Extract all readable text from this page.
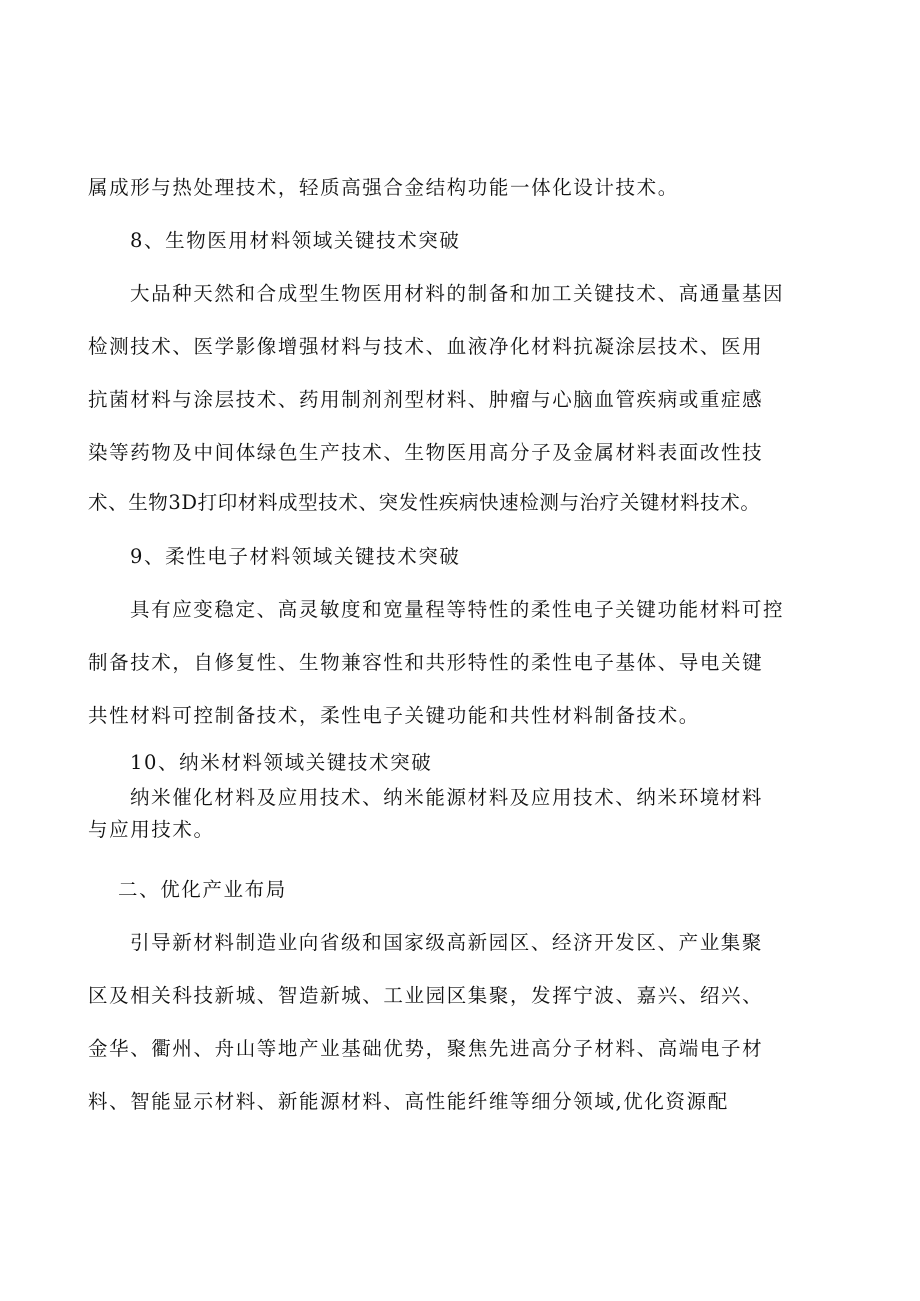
属成形与热处理技术，轻质高强合金结构功能一体化设计技术。
8、生物医用材料领域关键技术突破
大品种天然和合成型生物医用材料的制备和加工关键技术、高通量基因
检测技术、医学影像增强材料与技术、血液净化材料抗凝涂层技术、医用
抗菌材料与涂层技术、药用制剂剂型材料、肿瘤与心脑血管疾病或重症感
染等药物及中间体绿色生产技术、生物医用高分子及金属材料表面改性技
术、生物3D打印材料成型技术、突发性疾病快速检测与治疗关键材料技术。
9、柔性电子材料领域关键技术突破
具有应变稳定、高灵敏度和宽量程等特性的柔性电子关键功能材料可控
制备技术，自修复性、生物兼容性和共形特性的柔性电子基体、导电关键
共性材料可控制备技术，柔性电子关键功能和共性材料制备技术。
10、纳米材料领域关键技术突破
纳米催化材料及应用技术、纳米能源材料及应用技术、纳米环境材料
与应用技术。
二、优化产业布局
引导新材料制造业向省级和国家级高新园区、经济开发区、产业集聚
区及相关科技新城、智造新城、工业园区集聚，发挥宁波、嘉兴、绍兴、
金华、衢州、舟山等地产业基础优势，聚焦先进高分子材料、高端电子材
料、智能显示材料、新能源材料、高性能纤维等细分领域,优化资源配
